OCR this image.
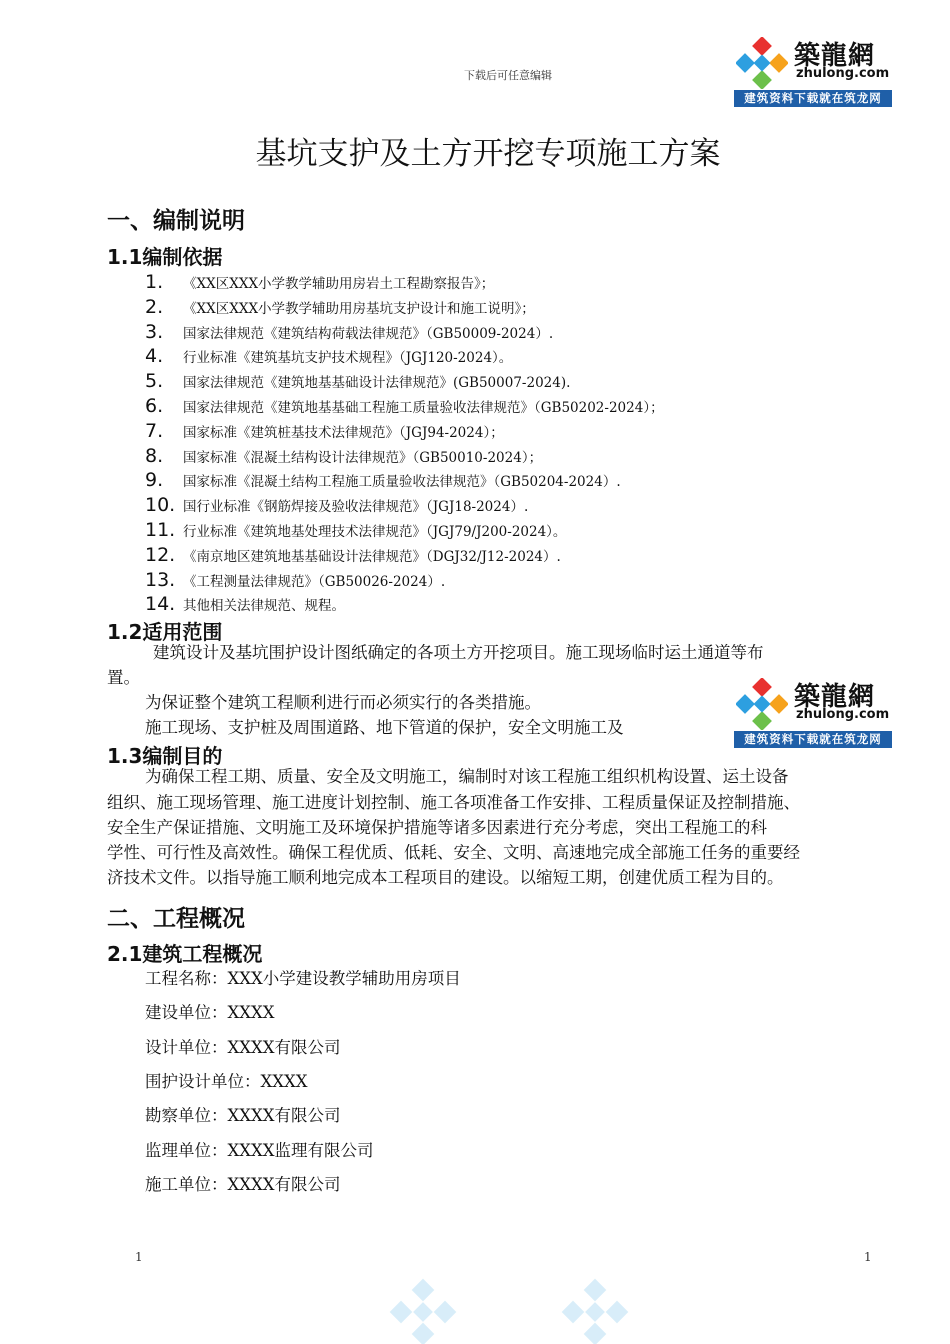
下载后可任意编辑
築龍網
zhulong.com
建筑资料下载就在筑龙网
基坑支护及土方开挖专项施工方案
一、编制说明
1.1编制依据
1. 《XX区XXX小学教学辅助用房岩土工程勘察报告》；
2. 《XX区XXX小学教学辅助用房基坑支护设计和施工说明》；
3. 国家法律规范《建筑结构荷载法律规范》（GB50009-2024）.
4. 行业标准《建筑基坑支护技术规程》（JGJ120-2024）。
5. 国家法律规范《建筑地基基础设计法律规范》(GB50007-2024).
6. 国家法律规范《建筑地基基础工程施工质量验收法律规范》（GB50202-2024）；
7. 国家标准《建筑桩基技术法律规范》（JGJ94-2024）；
8. 国家标准《混凝土结构设计法律规范》（GB50010-2024）；
9. 国家标准《混凝土结构工程施工质量验收法律规范》（GB50204-2024）.
10. 国行业标准《钢筋焊接及验收法律规范》（JGJ18-2024）.
11. 行业标准《建筑地基处理技术法律规范》（JGJ79/J200-2024）。
12. 《南京地区建筑地基基础设计法律规范》（DGJ32/J12-2024）.
13. 《工程测量法律规范》（GB50026-2024）.
14. 其他相关法律规范、规程。
1.2适用范围
建筑设计及基坑围护设计图纸确定的各项土方开挖项目。施工现场临时运土通道等布
置。
为保证整个建筑工程顺利进行而必须实行的各类措施。
施工现场、支护桩及周围道路、地下管道的保护，安全文明施工及
築龍網
zhulong.com
建筑资料下载就在筑龙网
1.3编制目的
为确保工程工期、质量、安全及文明施工，编制时对该工程施工组织机构设置、运土设备
组织、施工现场管理、施工进度计划控制、施工各项准备工作安排、工程质量保证及控制措施、
安全生产保证措施、文明施工及环境保护措施等诸多因素进行充分考虑，突出工程施工的科
学性、可行性及高效性。确保工程优质、低耗、安全、文明、高速地完成全部施工任务的重要经
济技术文件。以指导施工顺利地完成本工程项目的建设。以缩短工期，创建优质工程为目的。
二、工程概况
2.1建筑工程概况
工程名称：XXX小学建设教学辅助用房项目
建设单位：XXXX
设计单位：XXXX有限公司
围护设计单位：XXXX
勘察单位：XXXX有限公司
监理单位：XXXX监理有限公司
施工单位：XXXX有限公司
1	1
